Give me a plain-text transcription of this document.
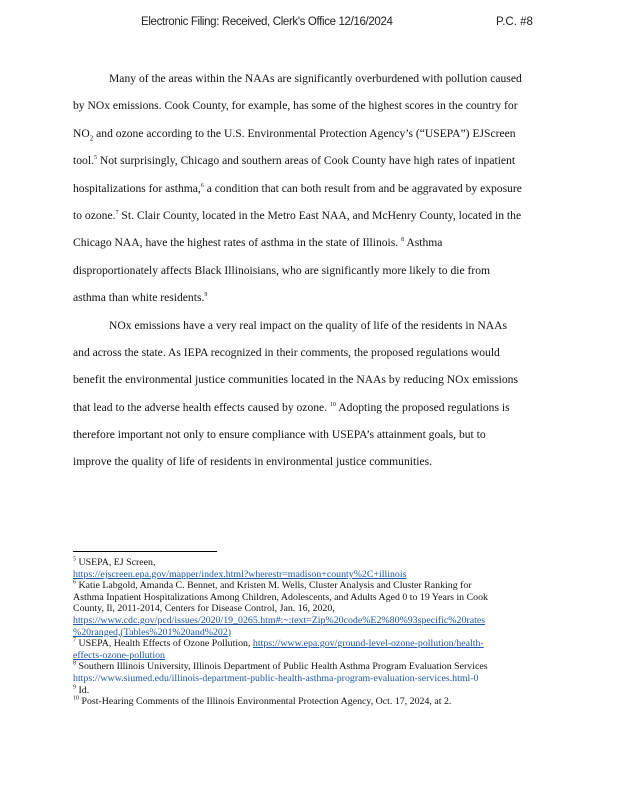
Electronic Filing: Received, Clerk's Office 12/16/2024	P.C. #8
Many of the areas within the NAAs are significantly overburdened with pollution caused
by NOx emissions. Cook County, for example, has some of the highest scores in the country for
$NO_2$ and ozone according to the U.S. Environmental Protection Agency’s (“USEPA”) EJScreen
tool.$^5$ Not surprisingly, Chicago and southern areas of Cook County have high rates of inpatient
hospitalizations for asthma,$^6$ a condition that can both result from and be aggravated by exposure
to ozone.$^7$ St. Clair County, located in the Metro East NAA, and McHenry County, located in the
Chicago NAA, have the highest rates of asthma in the state of Illinois. $^8$ Asthma
disproportionately affects Black Illinoisians, who are significantly more likely to die from
asthma than white residents.$^9$
NOx emissions have a very real impact on the quality of life of the residents in NAAs
and across the state. As IEPA recognized in their comments, the proposed regulations would
benefit the environmental justice communities located in the NAAs by reducing NOx emissions
that lead to the adverse health effects caused by ozone. $^{10}$ Adopting the proposed regulations is
therefore important not only to ensure compliance with USEPA’s attainment goals, but to
improve the quality of life of residents in environmental justice communities.
$^5$ USEPA, EJ Screen,
https://ejscreen.epa.gov/mapper/index.html?wherestr=madison+county%2C+illinois
$^6$ Katie Labgold, Amanda C. Bennet, and Kristen M. Wells, Cluster Analysis and Cluster Ranking for
Asthma Inpatient Hospitalizations Among Children, Adolescents, and Adults Aged 0 to 19 Years in Cook
County, Il, 2011-2014, Centers for Disease Control, Jan. 16, 2020,
https://www.cdc.gov/pcd/issues/2020/19_0265.htm#:~:text=Zip%20code%E2%80%93specific%20rates
%20ranged,(Tables%201%20and%202)
$^7$ USEPA, Health Effects of Ozone Pollution, https://www.epa.gov/ground-level-ozone-pollution/health-
effects-ozone-pollution
$^8$ Southern Illinois University, Illinois Department of Public Health Asthma Program Evaluation Services
https://www.siumed.edu/illinois-department-public-health-asthma-program-evaluation-services.html-0
$^9$ Id.
$^{10}$ Post-Hearing Comments of the Illinois Environmental Protection Agency, Oct. 17, 2024, at 2.
